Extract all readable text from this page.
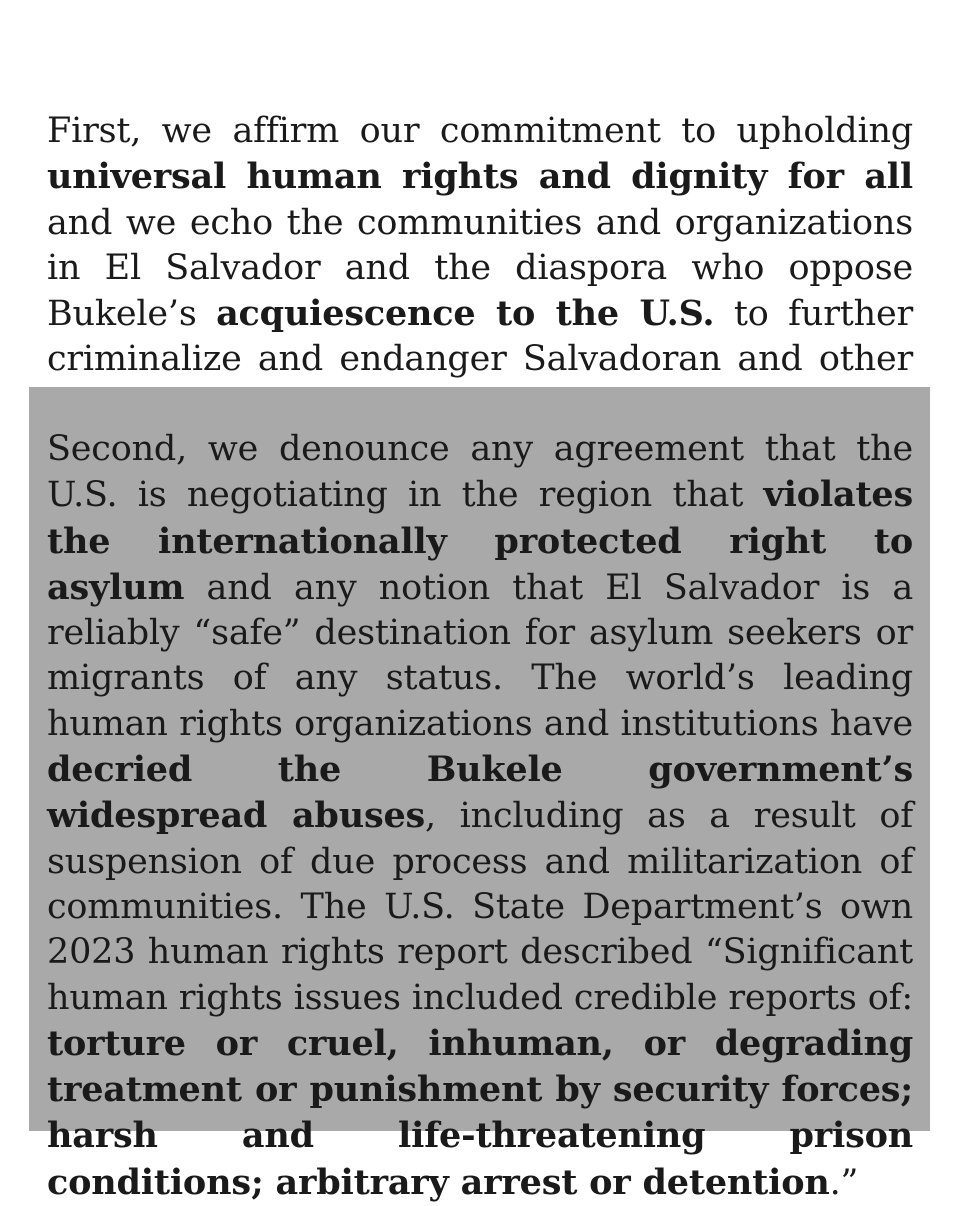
First, we affirm our commitment to upholding universal human rights and dignity for all and we echo the communities and organizations in El Salvador and the diaspora who oppose Bukele’s acquiescence to the U.S. to further criminalize and endanger Salvadoran and other

Second, we denounce any agreement that the U.S. is negotiating in the region that violates the internationally protected right to asylum and any notion that El Salvador is a reliably “safe” destination for asylum seekers or migrants of any status. The world’s leading human rights organizations and institutions have decried the Bukele government’s widespread abuses, including as a result of suspension of due process and militarization of communities. The U.S. State Department’s own 2023 human rights report described “Significant human rights issues included credible reports of: torture or cruel, inhuman, or degrading treatment or punishment by security forces; harsh and life-threatening prison conditions; arbitrary arrest or detention.”
